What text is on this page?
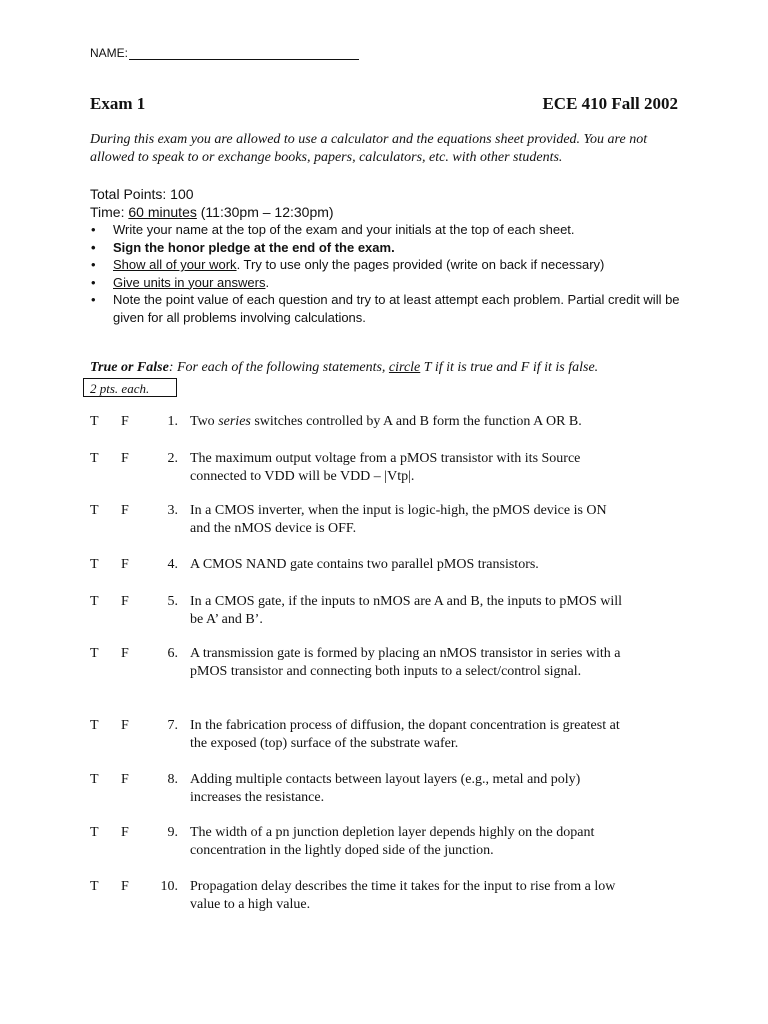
NAME:
Exam 1	ECE 410 Fall 2002
During this exam you are allowed to use a calculator and the equations sheet provided. You are not allowed to speak to or exchange books, papers, calculators, etc. with other students.
Total Points: 100
Time: 60 minutes (11:30pm – 12:30pm)
• Write your name at the top of the exam and your initials at the top of each sheet.
• Sign the honor pledge at the end of the exam.
• Show all of your work. Try to use only the pages provided (write on back if necessary)
• Give units in your answers.
• Note the point value of each question and try to at least attempt each problem. Partial credit will be given for all problems involving calculations.
True or False: For each of the following statements, circle T if it is true and F if it is false.
2 pts. each.
T F	1. Two series switches controlled by A and B form the function A OR B.
T F	2. The maximum output voltage from a pMOS transistor with its Source connected to VDD will be VDD – |Vtp|.
T F	3. In a CMOS inverter, when the input is logic-high, the pMOS device is ON and the nMOS device is OFF.
T F	4. A CMOS NAND gate contains two parallel pMOS transistors.
T F	5. In a CMOS gate, if the inputs to nMOS are A and B, the inputs to pMOS will be A’ and B’.
T F	6. A transmission gate is formed by placing an nMOS transistor in series with a pMOS transistor and connecting both inputs to a select/control signal.
T F	7. In the fabrication process of diffusion, the dopant concentration is greatest at the exposed (top) surface of the substrate wafer.
T F	8. Adding multiple contacts between layout layers (e.g., metal and poly) increases the resistance.
T F	9. The width of a pn junction depletion layer depends highly on the dopant concentration in the lightly doped side of the junction.
T F	10. Propagation delay describes the time it takes for the input to rise from a low value to a high value.
